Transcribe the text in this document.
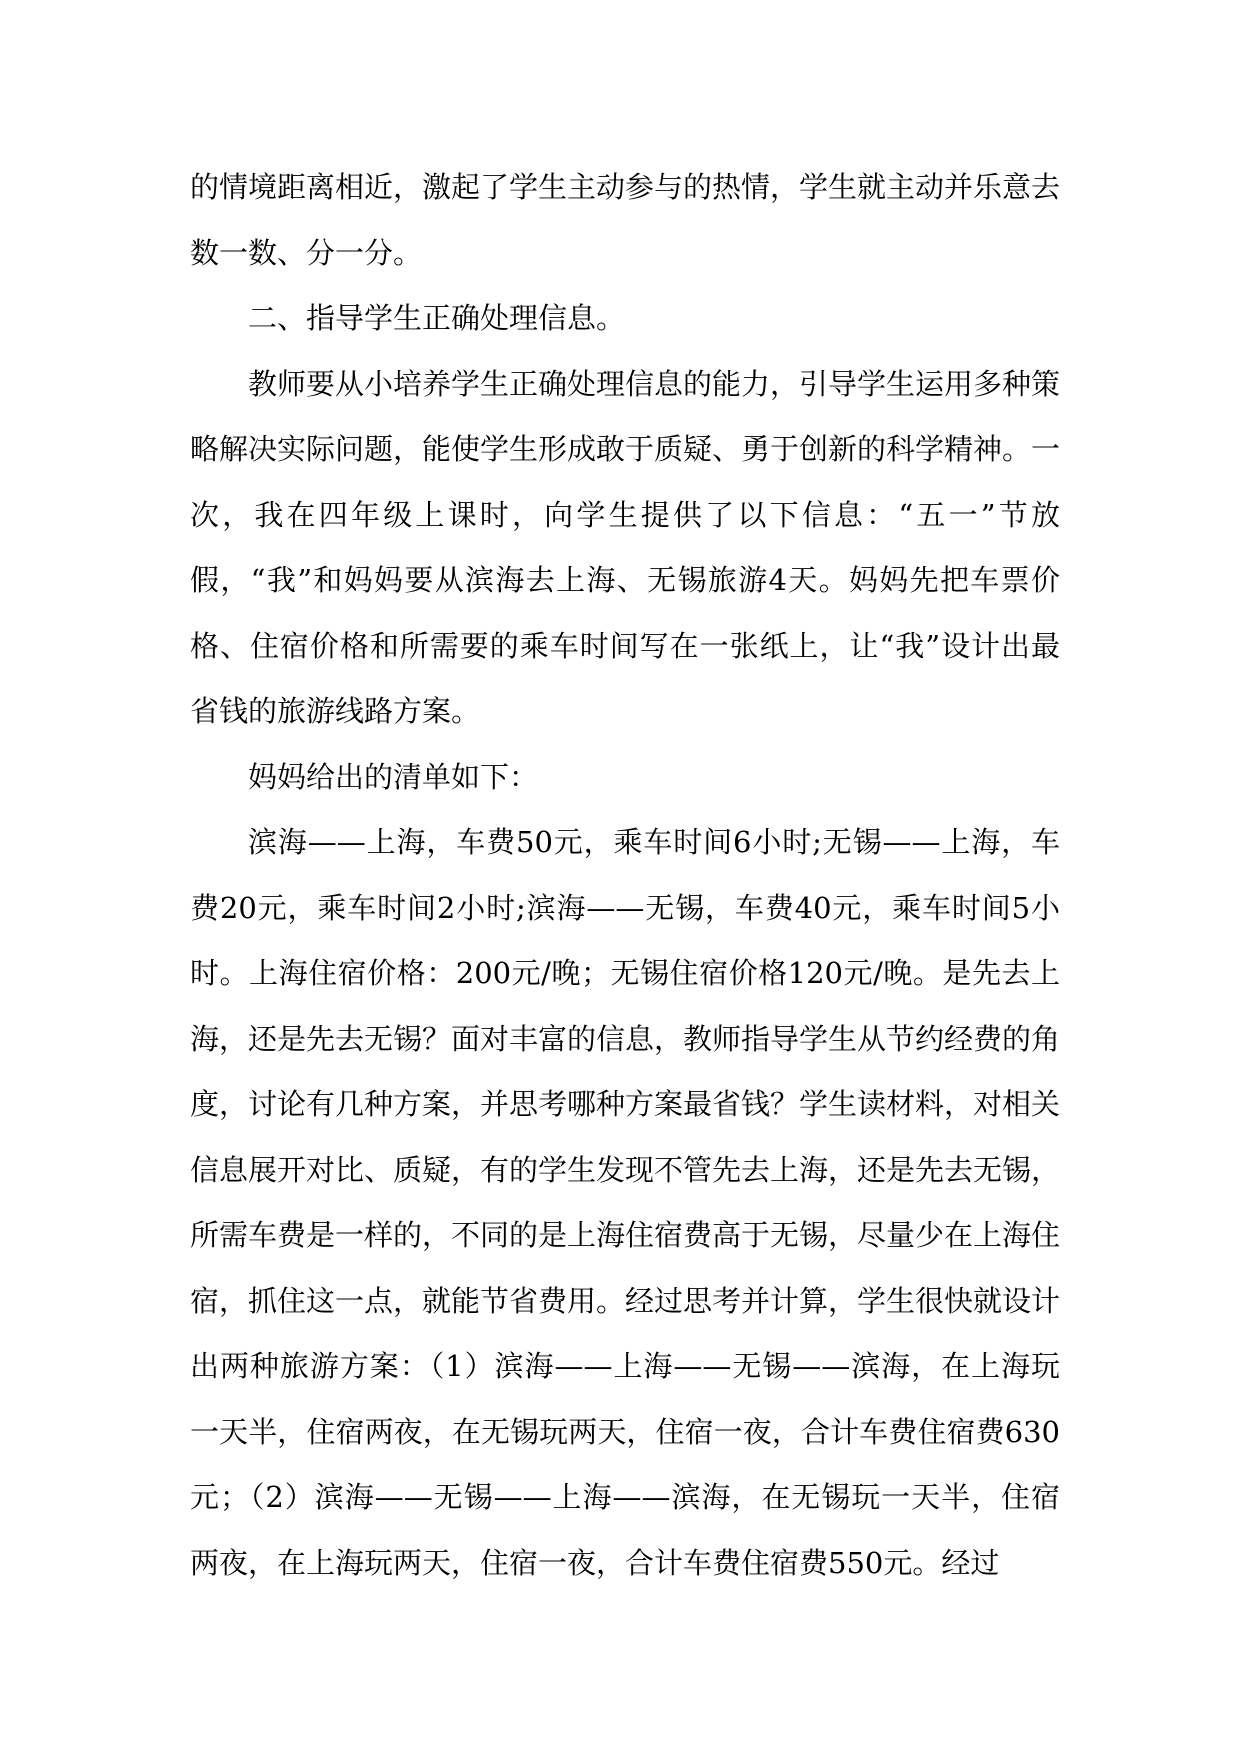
的情境距离相近，激起了学生主动参与的热情，学生就主动并乐意去数一数、分一分。

二、指导学生正确处理信息。

教师要从小培养学生正确处理信息的能力，引导学生运用多种策略解决实际问题，能使学生形成敢于质疑、勇于创新的科学精神。一次，我在四年级上课时，向学生提供了以下信息：“五一”节放假，“我”和妈妈要从滨海去上海、无锡旅游4天。妈妈先把车票价格、住宿价格和所需要的乘车时间写在一张纸上，让“我”设计出最省钱的旅游线路方案。

妈妈给出的清单如下：

滨海——上海，车费50元，乘车时间6小时;无锡——上海，车费20元，乘车时间2小时;滨海——无锡，车费40元，乘车时间5小时。上海住宿价格：200元/晚；无锡住宿价格120元/晚。是先去上海，还是先去无锡？面对丰富的信息，教师指导学生从节约经费的角度，讨论有几种方案，并思考哪种方案最省钱？学生读材料，对相关信息展开对比、质疑，有的学生发现不管先去上海，还是先去无锡，所需车费是一样的，不同的是上海住宿费高于无锡，尽量少在上海住宿，抓住这一点，就能节省费用。经过思考并计算，学生很快就设计出两种旅游方案：（1）滨海——上海——无锡——滨海，在上海玩一天半，住宿两夜，在无锡玩两天，住宿一夜，合计车费住宿费630元；（2）滨海——无锡——上海——滨海，在无锡玩一天半，住宿两夜，在上海玩两天，住宿一夜，合计车费住宿费550元。经过
